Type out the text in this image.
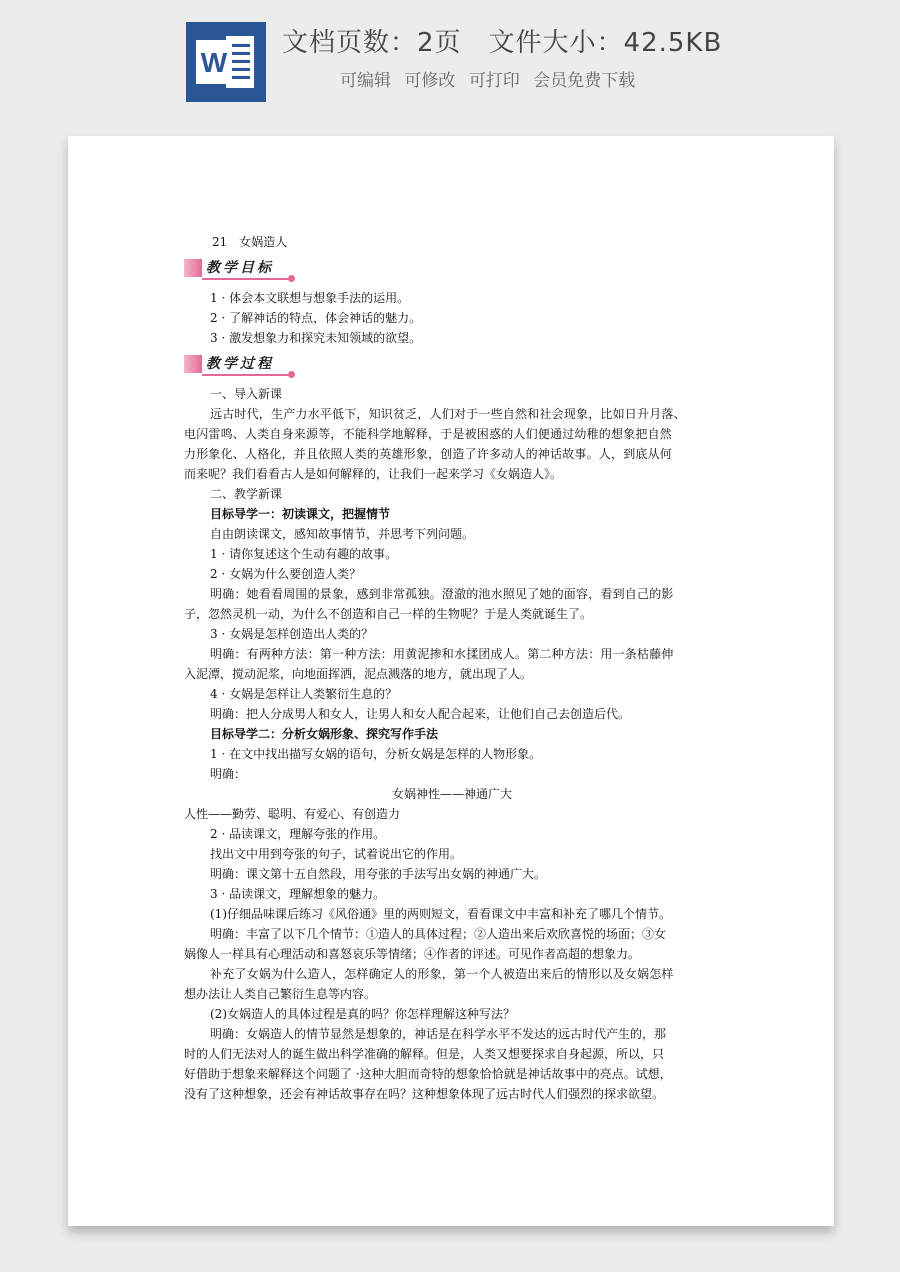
W
文档页数：2页　文件大小：42.5KB
可编辑 可修改 可打印 会员免费下载
21　女娲造人
教学目标
1 · 体会本文联想与想象手法的运用。
2 · 了解神话的特点，体会神话的魅力。
3 · 激发想象力和探究未知领域的欲望。
教学过程
一、导入新课
远古时代，生产力水平低下，知识贫乏，人们对于一些自然和社会现象，比如日升月落、
电闪雷鸣、人类自身来源等，不能科学地解释，于是被困惑的人们便通过幼稚的想象把自然
力形象化、人格化，并且依照人类的英雄形象，创造了许多动人的神话故事。人，到底从何
而来呢？我们看看古人是如何解释的，让我们一起来学习《女娲造人》。
二、教学新课
目标导学一：初读课文，把握情节
自由朗读课文，感知故事情节，并思考下列问题。
1 · 请你复述这个生动有趣的故事。
2 · 女娲为什么要创造人类？
明确：她看看周围的景象，感到非常孤独。澄澈的池水照见了她的面容，看到自己的影
子，忽然灵机一动，为什么不创造和自己一样的生物呢？于是人类就诞生了。
3 · 女娲是怎样创造出人类的？
明确：有两种方法：第一种方法：用黄泥掺和水揉团成人。第二种方法：用一条枯藤伸
入泥潭，搅动泥浆，向地面挥洒，泥点溅落的地方，就出现了人。
4 · 女娲是怎样让人类繁衍生息的？
明确：把人分成男人和女人，让男人和女人配合起来，让他们自己去创造后代。
目标导学二：分析女娲形象、探究写作手法
1 · 在文中找出描写女娲的语句，分析女娲是怎样的人物形象。
明确：
女娲神性——神通广大
人性——勤劳、聪明、有爱心、有创造力
2 · 品读课文，理解夸张的作用。
找出文中用到夸张的句子，试着说出它的作用。
明确：课文第十五自然段，用夸张的手法写出女娲的神通广大。
3 · 品读课文，理解想象的魅力。
(1)仔细品味课后练习《风俗通》里的两则短文，看看课文中丰富和补充了哪几个情节。
明确：丰富了以下几个情节：①造人的具体过程；②人造出来后欢欣喜悦的场面；③女
娲像人一样具有心理活动和喜怒哀乐等情绪；④作者的评述。可见作者高超的想象力。
补充了女娲为什么造人，怎样确定人的形象，第一个人被造出来后的情形以及女娲怎样
想办法让人类自己繁衍生息等内容。
(2)女娲造人的具体过程是真的吗？你怎样理解这种写法？
明确：女娲造人的情节显然是想象的，神话是在科学水平不发达的远古时代产生的，那
时的人们无法对人的诞生做出科学准确的解释。但是，人类又想要探求自身起源，所以，只
好借助于想象来解释这个问题了 ·这种大胆而奇特的想象恰恰就是神话故事中的亮点。试想，
没有了这种想象，还会有神话故事存在吗？这种想象体现了远古时代人们强烈的探求欲望。
